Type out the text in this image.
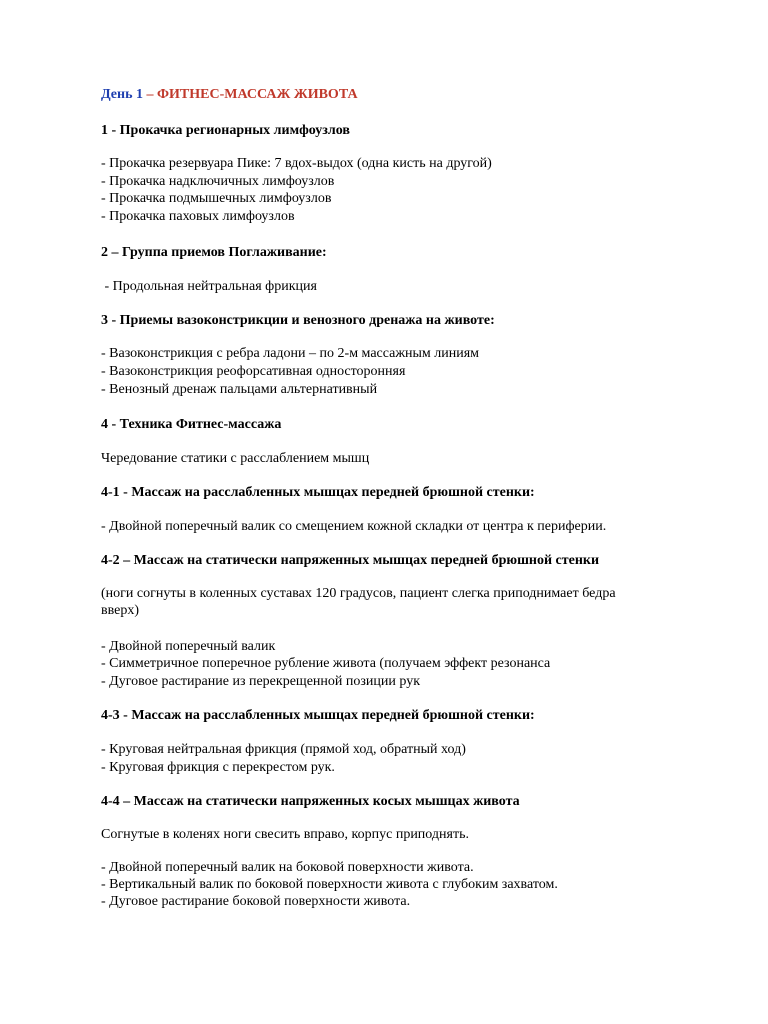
День 1 – ФИТНЕС-МАССАЖ ЖИВОТА
1 - Прокачка регионарных лимфоузлов
- Прокачка резервуара Пике: 7 вдох-выдох (одна кисть на другой)
- Прокачка надключичных лимфоузлов
- Прокачка подмышечных лимфоузлов
- Прокачка паховых лимфоузлов
2 – Группа приемов Поглаживание:
- Продольная нейтральная фрикция
3 - Приемы вазоконстрикции и венозного дренажа на животе:
- Вазоконстрикция с ребра ладони – по 2-м массажным линиям
- Вазоконстрикция реофорсативная односторонняя
- Венозный дренаж пальцами альтернативный
4 - Техника Фитнес-массажа
Чередование статики с расслаблением мышц
4-1 - Массаж на расслабленных мышцах передней брюшной стенки:
- Двойной поперечный валик со смещением кожной складки от центра к периферии.
4-2 – Массаж на статически напряженных мышцах передней брюшной стенки
(ноги согнуты в коленных суставах 120 градусов, пациент слегка приподнимает бедра
вверх)
- Двойной поперечный валик
- Симметричное поперечное рубление живота (получаем эффект резонанса
- Дуговое растирание из перекрещенной позиции рук
4-3 - Массаж на расслабленных мышцах передней брюшной стенки:
- Круговая нейтральная фрикция (прямой ход, обратный ход)
- Круговая фрикция с перекрестом рук.
4-4 – Массаж на статически напряженных косых мышцах живота
Согнутые в коленях ноги свесить вправо, корпус приподнять.
- Двойной поперечный валик на боковой поверхности живота.
- Вертикальный валик по боковой поверхности живота с глубоким захватом.
- Дуговое растирание боковой поверхности живота.
